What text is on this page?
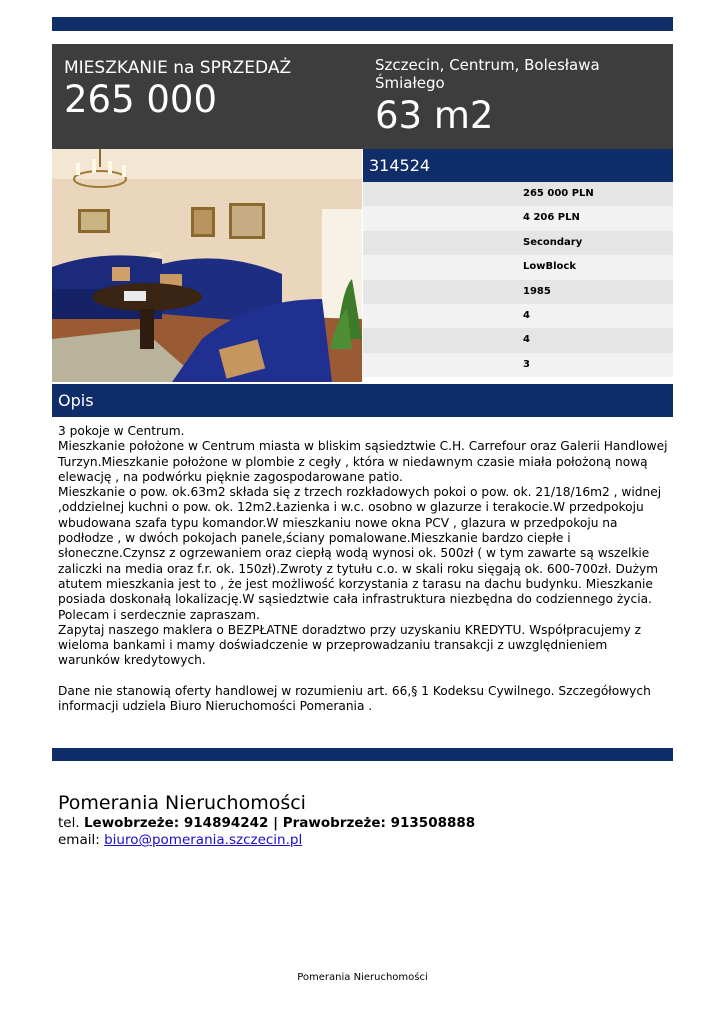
MIESZKANIE na SPRZEDAŻ
265 000
Szczecin, Centrum, Bolesława Śmiałego
63 m2
314524
265 000 PLN
4 206 PLN
Secondary
LowBlock
1985
4
4
3
Opis
3 pokoje w Centrum.
Mieszkanie położone w Centrum miasta w bliskim sąsiedztwie C.H. Carrefour oraz Galerii Handlowej Turzyn.Mieszkanie położone w plombie z cegły , która w niedawnym czasie miała położoną nową elewację , na podwórku pięknie zagospodarowane patio.
Mieszkanie o pow. ok.63m2 składa się z trzech rozkładowych pokoi o pow. ok. 21/18/16m2 , widnej ,oddzielnej kuchni o pow. ok. 12m2.Łazienka i w.c. osobno w glazurze i terakocie.W przedpokoju wbudowana szafa typu komandor.W mieszkaniu nowe okna PCV , glazura w przedpokoju na podłodze , w dwóch pokojach panele,ściany pomalowane.Mieszkanie bardzo ciepłe i słoneczne.Czynsz z ogrzewaniem oraz ciepłą wodą wynosi ok. 500zł ( w tym zawarte są wszelkie zaliczki na media oraz f.r. ok. 150zł).Zwroty z tytułu c.o. w skali roku sięgają ok. 600-700zł. Dużym atutem mieszkania jest to , że jest możliwość korzystania z tarasu na dachu budynku. Mieszkanie posiada doskonałą lokalizację.W sąsiedztwie cała infrastruktura niezbędna do codziennego życia.
Polecam i serdecznie zapraszam.
Zapytaj naszego maklera o BEZPŁATNE doradztwo przy uzyskaniu KREDYTU. Współpracujemy z wieloma bankami i mamy doświadczenie w przeprowadzaniu transakcji z uwzględnieniem warunków kredytowych.

Dane nie stanowią oferty handlowej w rozumieniu art. 66,§ 1 Kodeksu Cywilnego. Szczegółowych informacji udziela Biuro Nieruchomości Pomerania .
Pomerania Nieruchomości
tel. Lewobrzeże: 914894242 | Prawobrzeże: 913508888
email: biuro@pomerania.szczecin.pl
Pomerania Nieruchomości
